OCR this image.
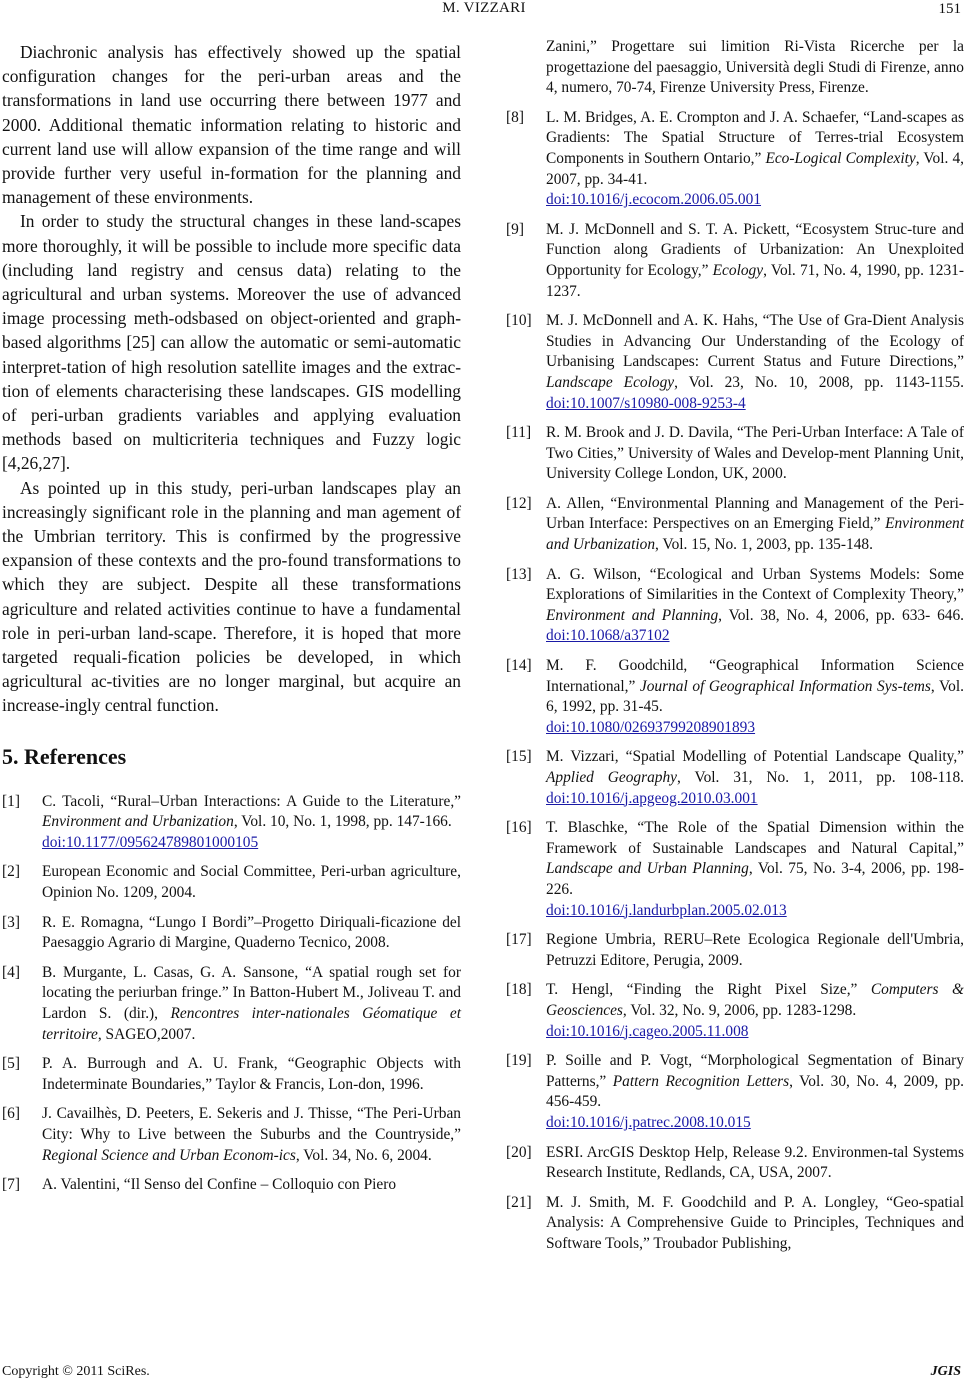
M. VIZZARI	151

Diachronic analysis has effectively showed up the spatial configuration changes for the peri-urban areas and the transformations in land use occurring there between 1977 and 2000. Additional thematic information relating to historic and current land use will allow expansion of the time range and will provide further very useful in-formation for the planning and management of these environments.

In order to study the structural changes in these land-scapes more thoroughly, it will be possible to include more specific data (including land registry and census data) relating to the agricultural and urban systems. Moreover the use of advanced image processing meth-odsbased on object-oriented and graph-based algorithms [25] can allow the automatic or semi-automatic interpret-tation of high resolution satellite images and the extrac-tion of elements characterising these landscapes. GIS modelling of peri-urban gradients variables and applying evaluation methods based on multicriteria techniques and Fuzzy logic [4,26,27].

As pointed up in this study, peri-urban landscapes play an increasingly significant role in the planning and man agement of the Umbrian territory. This is confirmed by the progressive expansion of these contexts and the pro-found transformations to which they are subject. Despite all these transformations agriculture and related activities continue to have a fundamental role in peri-urban land-scape. Therefore, it is hoped that more targeted requali-fication policies be developed, in which agricultural ac-tivities are no longer marginal, but acquire an increase-ingly central function.

5. References
[1] C. Tacoli, “Rural–Urban Interactions: A Guide to the Literature,” Environment and Urbanization, Vol. 10, No. 1, 1998, pp. 147-166.
doi:10.1177/095624789801000105
[2] European Economic and Social Committee, Peri-urban agriculture, Opinion No. 1209, 2004.
[3] R. E. Romagna, “Lungo I Bordi”–Progetto Diriquali-ficazione del Paesaggio Agrario di Margine, Quaderno Tecnico, 2008.
[4] B. Murgante, L. Casas, G. A. Sansone, “A spatial rough set for locating the periurban fringe.” In Batton-Hubert M., Joliveau T. and Lardon S. (dir.), Rencontres inter-nationales Géomatique et territoire, SAGEO,2007.
[5] P. A. Burrough and A. U. Frank, “Geographic Objects with Indeterminate Boundaries,” Taylor & Francis, Lon-don, 1996.
[6] J. Cavailhès, D. Peeters, E. Sekeris and J. Thisse, “The Peri-Urban City: Why to Live between the Suburbs and the Countryside,” Regional Science and Urban Econom-ics, Vol. 34, No. 6, 2004.
[7] A. Valentini, “Il Senso del Confine – Colloquio con Piero
Zanini,” Progettare sui limition Ri-Vista Ricerche per la progettazione del paesaggio, Università degli Studi di Firenze, anno 4, numero, 70-74, Firenze University Press, Firenze.
[8] L. M. Bridges, A. E. Crompton and J. A. Schaefer, “Land-scapes as Gradients: The Spatial Structure of Terres-trial Ecosystem Components in Southern Ontario,” Eco-Logical Complexity, Vol. 4, 2007, pp. 34-41.
doi:10.1016/j.ecocom.2006.05.001
[9] M. J. McDonnell and S. T. A. Pickett, “Ecosystem Struc-ture and Function along Gradients of Urbanization: An Unexploited Opportunity for Ecology,” Ecology, Vol. 71, No. 4, 1990, pp. 1231-1237.
[10] M. J. McDonnell and A. K. Hahs, “The Use of Gra-Dient Analysis Studies in Advancing Our Understanding of the Ecology of Urbanising Landscapes: Current Status and Future Directions,” Landscape Ecology, Vol. 23, No. 10, 2008, pp. 1143-1155. doi:10.1007/s10980-008-9253-4
[11] R. M. Brook and J. D. Davila, “The Peri-Urban Interface: A Tale of Two Cities,” University of Wales and Develop-ment Planning Unit, University College London, UK, 2000.
[12] A. Allen, “Environmental Planning and Management of the Peri-Urban Interface: Perspectives on an Emerging Field,” Environment and Urbanization, Vol. 15, No. 1, 2003, pp. 135-148.
[13] A. G. Wilson, “Ecological and Urban Systems Models: Some Explorations of Similarities in the Context of Complexity Theory,” Environment and Planning, Vol. 38, No. 4, 2006, pp. 633- 646. doi:10.1068/a37102
[14] M. F. Goodchild, “Geographical Information Science International,” Journal of Geographical Information Sys-tems, Vol. 6, 1992, pp. 31-45.
doi:10.1080/02693799208901893
[15] M. Vizzari, “Spatial Modelling of Potential Landscape Quality,” Applied Geography, Vol. 31, No. 1, 2011, pp. 108-118. doi:10.1016/j.apgeog.2010.03.001
[16] T. Blaschke, “The Role of the Spatial Dimension within the Framework of Sustainable Landscapes and Natural Capital,” Landscape and Urban Planning, Vol. 75, No. 3-4, 2006, pp. 198-226.
doi:10.1016/j.landurbplan.2005.02.013
[17] Regione Umbria, RERU–Rete Ecologica Regionale dell'Umbria, Petruzzi Editore, Perugia, 2009.
[18] T. Hengl, “Finding the Right Pixel Size,” Computers & Geosciences, Vol. 32, No. 9, 2006, pp. 1283-1298.
doi:10.1016/j.cageo.2005.11.008
[19] P. Soille and P. Vogt, “Morphological Segmentation of Binary Patterns,” Pattern Recognition Letters, Vol. 30, No. 4, 2009, pp. 456-459.
doi:10.1016/j.patrec.2008.10.015
[20] ESRI. ArcGIS Desktop Help, Release 9.2. Environmen-tal Systems Research Institute, Redlands, CA, USA, 2007.
[21] M. J. Smith, M. F. Goodchild and P. A. Longley, “Geo-spatial Analysis: A Comprehensive Guide to Principles, Techniques and Software Tools,” Troubador Publishing,
Copyright © 2011 SciRes.	JGIS
